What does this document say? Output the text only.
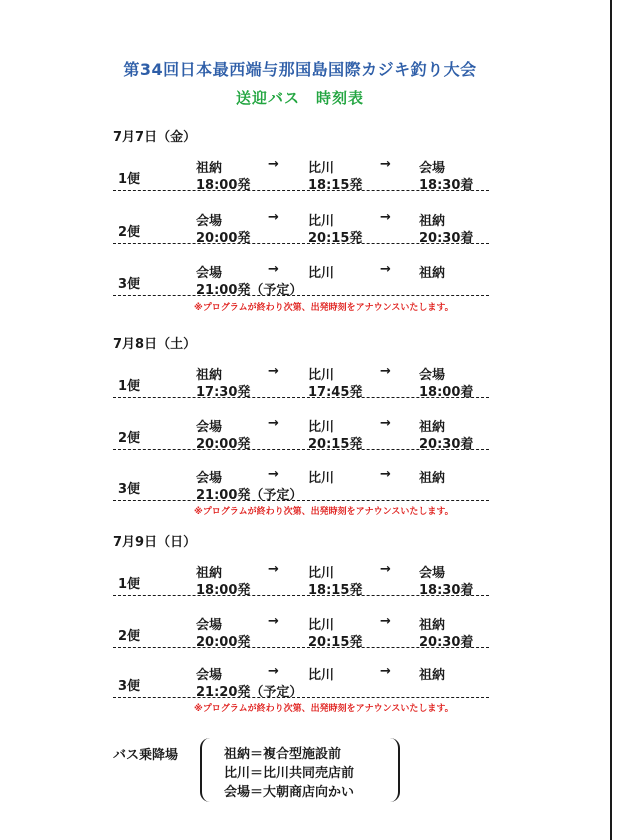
第34回日本最西端与那国島国際カジキ釣り大会
送迎バス　時刻表
7月7日（金）
1便
祖納	→ 比川	→ 会場
18:00発	18:15発	18:30着
2便
会場	→ 比川	→ 祖納
20:00発	20:15発	20:30着
3便
会場	→ 比川	→ 祖納
21:00発（予定）
※プログラムが終わり次第、出発時刻をアナウンスいたします。
7月8日（土）
1便
祖納	→ 比川	→ 会場
17:30発	17:45発	18:00着
2便
会場	→ 比川	→ 祖納
20:00発	20:15発	20:30着
3便
会場	→ 比川	→ 祖納
21:00発（予定）
※プログラムが終わり次第、出発時刻をアナウンスいたします。
7月9日（日）
1便
祖納	→ 比川	→ 会場
18:00発	18:15発	18:30着
2便
会場	→ 比川	→ 祖納
20:00発	20:15発	20:30着
3便
会場	→ 比川	→ 祖納
21:20発（予定）
※プログラムが終わり次第、出発時刻をアナウンスいたします。
バス乗降場	祖納＝複合型施設前
比川＝比川共同売店前
会場＝大朝商店向かい
